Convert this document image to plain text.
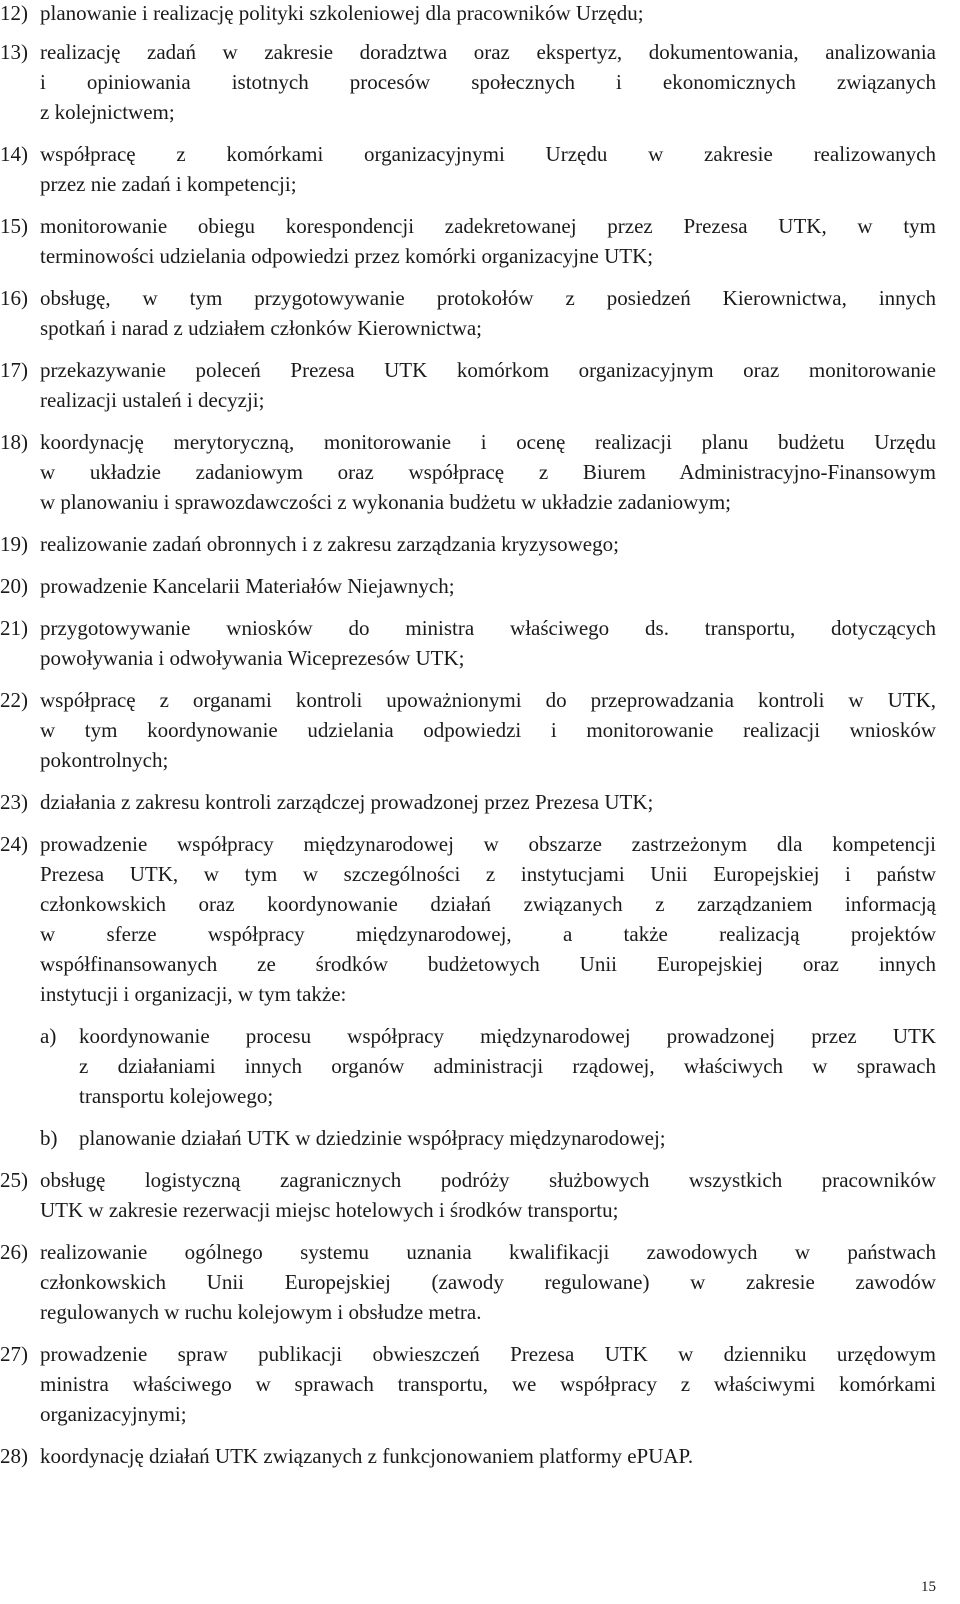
12) planowanie i realizację polityki szkoleniowej dla pracowników Urzędu;
13) realizację zadań w zakresie doradztwa oraz ekspertyz, dokumentowania, analizowania
i opiniowania istotnych procesów społecznych i ekonomicznych związanych
z kolejnictwem;
14) współpracę z komórkami organizacyjnymi Urzędu w zakresie realizowanych
przez nie zadań i kompetencji;
15) monitorowanie obiegu korespondencji zadekretowanej przez Prezesa UTK, w tym
terminowości udzielania odpowiedzi przez komórki organizacyjne UTK;
16) obsługę, w tym przygotowywanie protokołów z posiedzeń Kierownictwa, innych
spotkań i narad z udziałem członków Kierownictwa;
17) przekazywanie poleceń Prezesa UTK komórkom organizacyjnym oraz monitorowanie
realizacji ustaleń i decyzji;
18) koordynację merytoryczną, monitorowanie i ocenę realizacji planu budżetu Urzędu
w układzie zadaniowym oraz współpracę z Biurem Administracyjno-Finansowym
w planowaniu i sprawozdawczości z wykonania budżetu w układzie zadaniowym;
19) realizowanie zadań obronnych i z zakresu zarządzania kryzysowego;
20) prowadzenie Kancelarii Materiałów Niejawnych;
21) przygotowywanie wniosków do ministra właściwego ds. transportu, dotyczących
powoływania i odwoływania Wiceprezesów UTK;
22) współpracę z organami kontroli upoważnionymi do przeprowadzania kontroli w UTK,
w tym koordynowanie udzielania odpowiedzi i monitorowanie realizacji wniosków
pokontrolnych;
23) działania z zakresu kontroli zarządczej prowadzonej przez Prezesa UTK;
24) prowadzenie współpracy międzynarodowej w obszarze zastrzeżonym dla kompetencji
Prezesa UTK, w tym w szczególności z instytucjami Unii Europejskiej i państw
członkowskich oraz koordynowanie działań związanych z zarządzaniem informacją
w sferze współpracy międzynarodowej, a także realizacją projektów
współfinansowanych ze środków budżetowych Unii Europejskiej oraz innych
instytucji i organizacji, w tym także:
a) koordynowanie procesu współpracy międzynarodowej prowadzonej przez UTK
z działaniami innych organów administracji rządowej, właściwych w sprawach
transportu kolejowego;
b) planowanie działań UTK w dziedzinie współpracy międzynarodowej;
25) obsługę logistyczną zagranicznych podróży służbowych wszystkich pracowników
UTK w zakresie rezerwacji miejsc hotelowych i środków transportu;
26) realizowanie ogólnego systemu uznania kwalifikacji zawodowych w państwach
członkowskich Unii Europejskiej (zawody regulowane) w zakresie zawodów
regulowanych w ruchu kolejowym i obsłudze metra.
27) prowadzenie spraw publikacji obwieszczeń Prezesa UTK w dzienniku urzędowym
ministra właściwego w sprawach transportu, we współpracy z właściwymi komórkami
organizacyjnymi;
28) koordynację działań UTK związanych z funkcjonowaniem platformy ePUAP.
15
